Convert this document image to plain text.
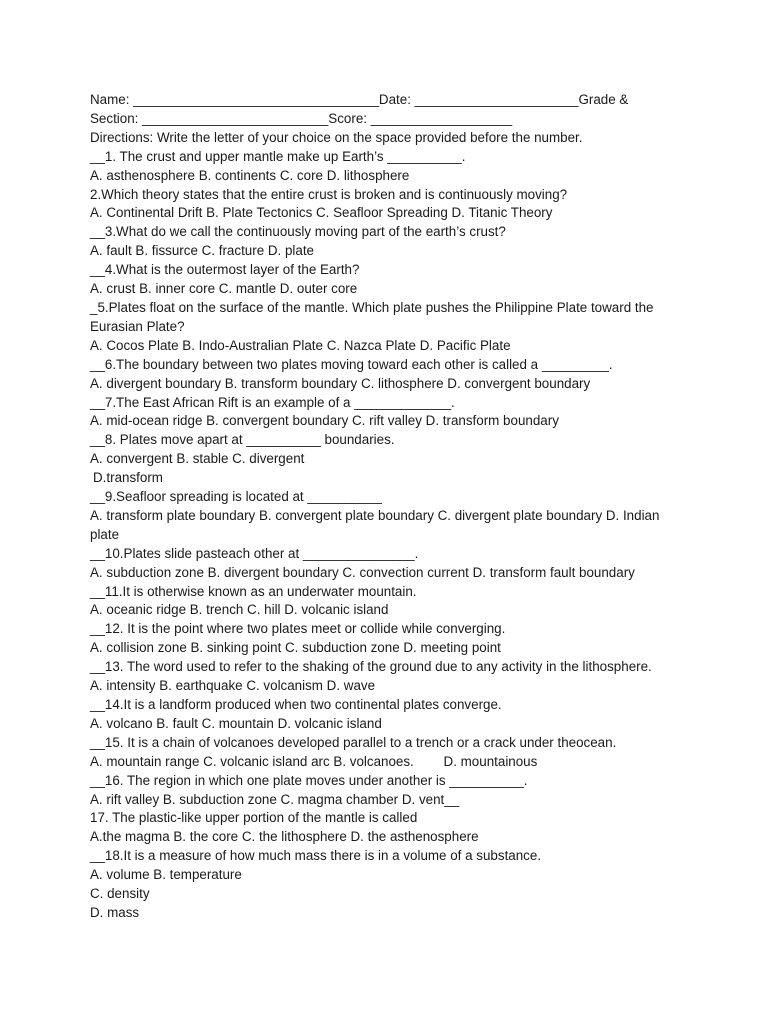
Name: _________________________________Date: ______________________Grade &
Section: _________________________Score: ___________________
Directions: Write the letter of your choice on the space provided before the number.
__1. The crust and upper mantle make up Earth’s __________.
A. asthenosphere B. continents C. core D. lithosphere
2.Which theory states that the entire crust is broken and is continuously moving?
A. Continental Drift B. Plate Tectonics C. Seafloor Spreading D. Titanic Theory
__3.What do we call the continuously moving part of the earth’s crust?
A. fault B. fissurce C. fracture D. plate
__4.What is the outermost layer of the Earth?
A. crust B. inner core C. mantle D. outer core
_5.Plates float on the surface of the mantle. Which plate pushes the Philippine Plate toward the Eurasian Plate?
A. Cocos Plate B. Indo-Australian Plate C. Nazca Plate D. Pacific Plate
__6.The boundary between two plates moving toward each other is called a _________.
A. divergent boundary B. transform boundary C. lithosphere D. convergent boundary
__7.The East African Rift is an example of a _____________.
A. mid-ocean ridge B. convergent boundary C. rift valley D. transform boundary
__8. Plates move apart at __________ boundaries.
A. convergent B. stable C. divergent
D.transform
__9.Seafloor spreading is located at __________
A. transform plate boundary B. convergent plate boundary C. divergent plate boundary D. Indian plate
__10.Plates slide pasteach other at _______________.
A. subduction zone B. divergent boundary C. convection current D. transform fault boundary
__11.It is otherwise known as an underwater mountain.
A. oceanic ridge B. trench C. hill D. volcanic island
__12. It is the point where two plates meet or collide while converging.
A. collision zone B. sinking point C. subduction zone D. meeting point
__13. The word used to refer to the shaking of the ground due to any activity in the lithosphere.
A. intensity B. earthquake C. volcanism D. wave
__14.It is a landform produced when two continental plates converge.
A. volcano B. fault C. mountain D. volcanic island
__15. It is a chain of volcanoes developed parallel to a trench or a crack under theocean.
A. mountain range C. volcanic island arc B. volcanoes.        D. mountainous
__16. The region in which one plate moves under another is __________.
A. rift valley B. subduction zone C. magma chamber D. vent__
17. The plastic-like upper portion of the mantle is called
A.the magma B. the core C. the lithosphere D. the asthenosphere
__18.It is a measure of how much mass there is in a volume of a substance.
A. volume B. temperature
C. density
D. mass
